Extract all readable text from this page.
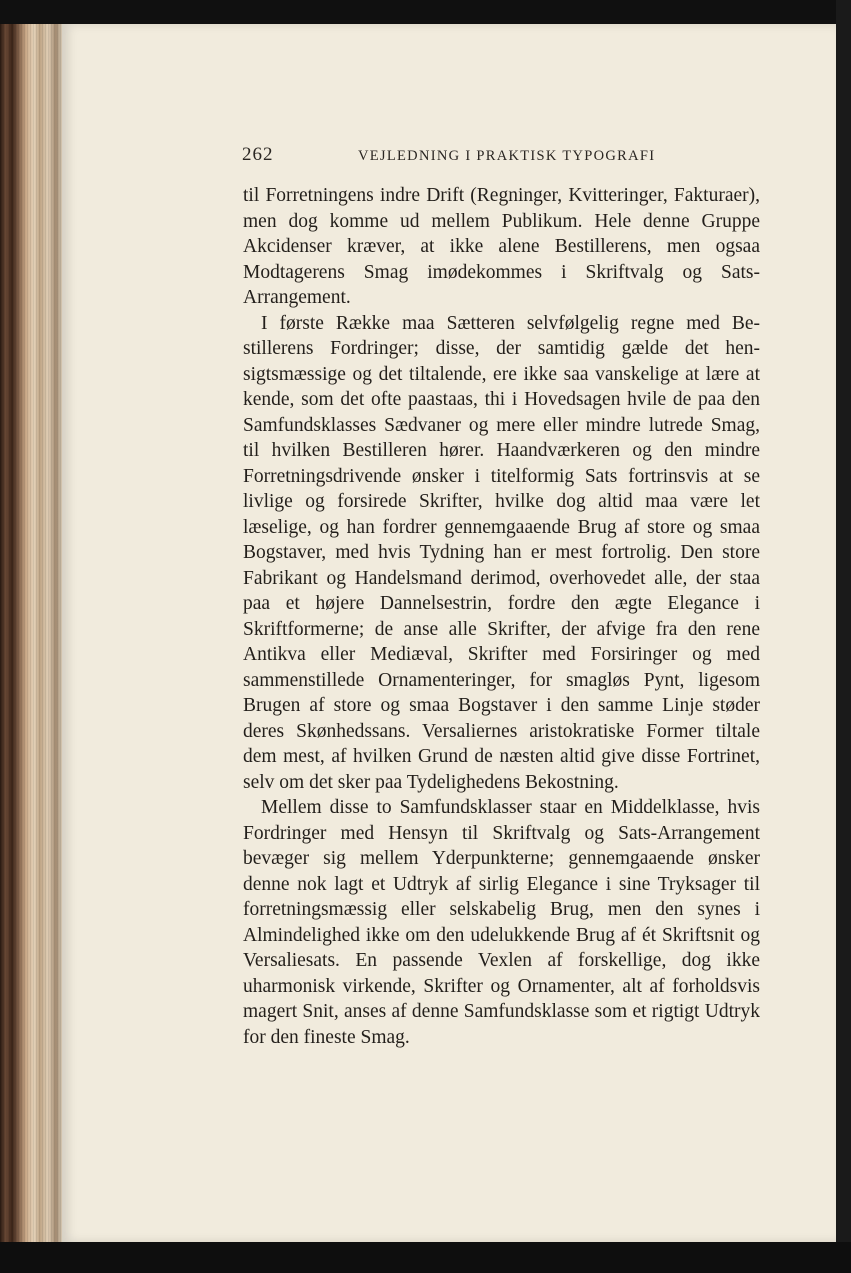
262	VEJLEDNING I PRAKTISK TYPOGRAFI

til Forretningens indre Drift (Regninger, Kvitteringer, Fakturaer), men dog komme ud mellem Publikum. Hele denne Gruppe Akcidenser kræver, at ikke alene Bestillerens, men ogsaa Modtagerens Smag imødekommes i Skriftvalg og Sats-Arrangement.

I første Række maa Sætteren selvfølgelig regne med Bestillerens Fordringer; disse, der samtidig gælde det hensigtsmæssige og det tiltalende, ere ikke saa vanskelige at lære at kende, som det ofte paastaas, thi i Hovedsagen hvile de paa den Samfundsklasses Sædvaner og mere eller mindre lutrede Smag, til hvilken Bestilleren hører. Haandværkeren og den mindre Forretningsdrivende ønsker i titelformig Sats fortrinsvis at se livlige og forsirede Skrifter, hvilke dog altid maa være let læselige, og han fordrer gennemgaaende Brug af store og smaa Bogstaver, med hvis Tydning han er mest fortrolig. Den store Fabrikant og Handelsmand derimod, overhovedet alle, der staa paa et højere Dannelsestrin, fordre den ægte Elegance i Skriftformerne; de anse alle Skrifter, der afvige fra den rene Antikva eller Mediæval, Skrifter med Forsiringer og med sammenstillede Ornamenteringer, for smagløs Pynt, ligesom Brugen af store og smaa Bogstaver i den samme Linje støder deres Skønhedssans. Versaliernes aristokratiske Former tiltale dem mest, af hvilken Grund de næsten altid give disse Fortrinet, selv om det sker paa Tydelighedens Bekostning.

Mellem disse to Samfundsklasser staar en Middelklasse, hvis Fordringer med Hensyn til Skriftvalg og Sats-Arrangement bevæger sig mellem Yderpunkterne; gennemgaaende ønsker denne nok lagt et Udtryk af sirlig Elegance i sine Tryksager til forretningsmæssig eller selskabelig Brug, men den synes i Almindelighed ikke om den udelukkende Brug af ét Skriftsnit og Versaliesats. En passende Vexlen af forskellige, dog ikke uharmonisk virkende, Skrifter og Ornamenter, alt af forholdsvis magert Snit, anses af denne Samfundsklasse som et rigtigt Udtryk for den fineste Smag.
